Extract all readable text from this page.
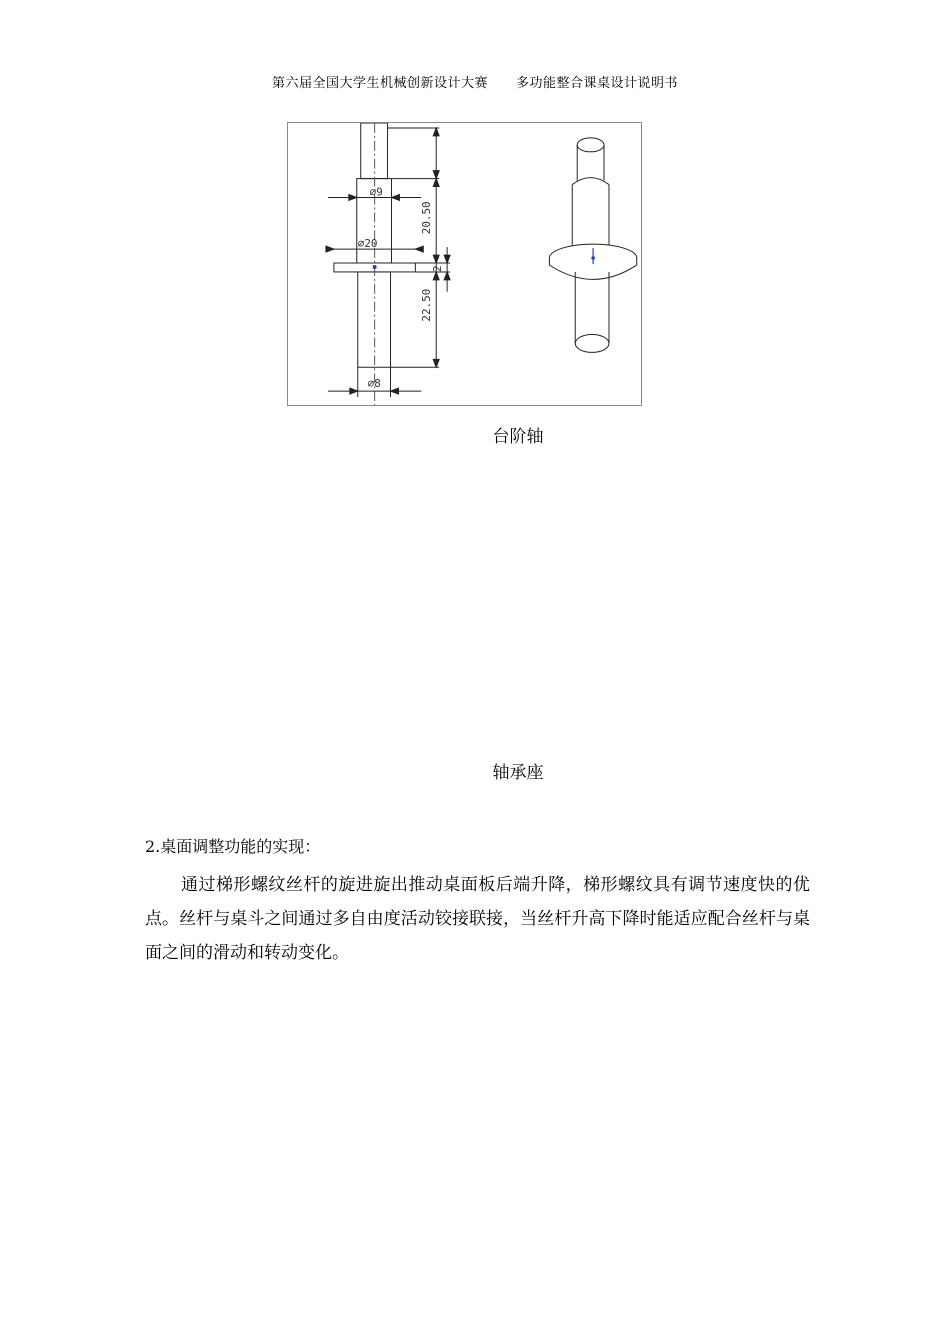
第六届全国大学生机械创新设计大赛 多功能整合课桌设计说明书
∅9
∅20
∅8
20.50
2
22.50
台阶轴
轴承座
2.桌面调整功能的实现：
通过梯形螺纹丝杆的旋进旋出推动桌面板后端升降，梯形螺纹具有调节速度快的优点。丝杆与桌斗之间通过多自由度活动铰接联接，当丝杆升高下降时能适应配合丝杆与桌面之间的滑动和转动变化。
